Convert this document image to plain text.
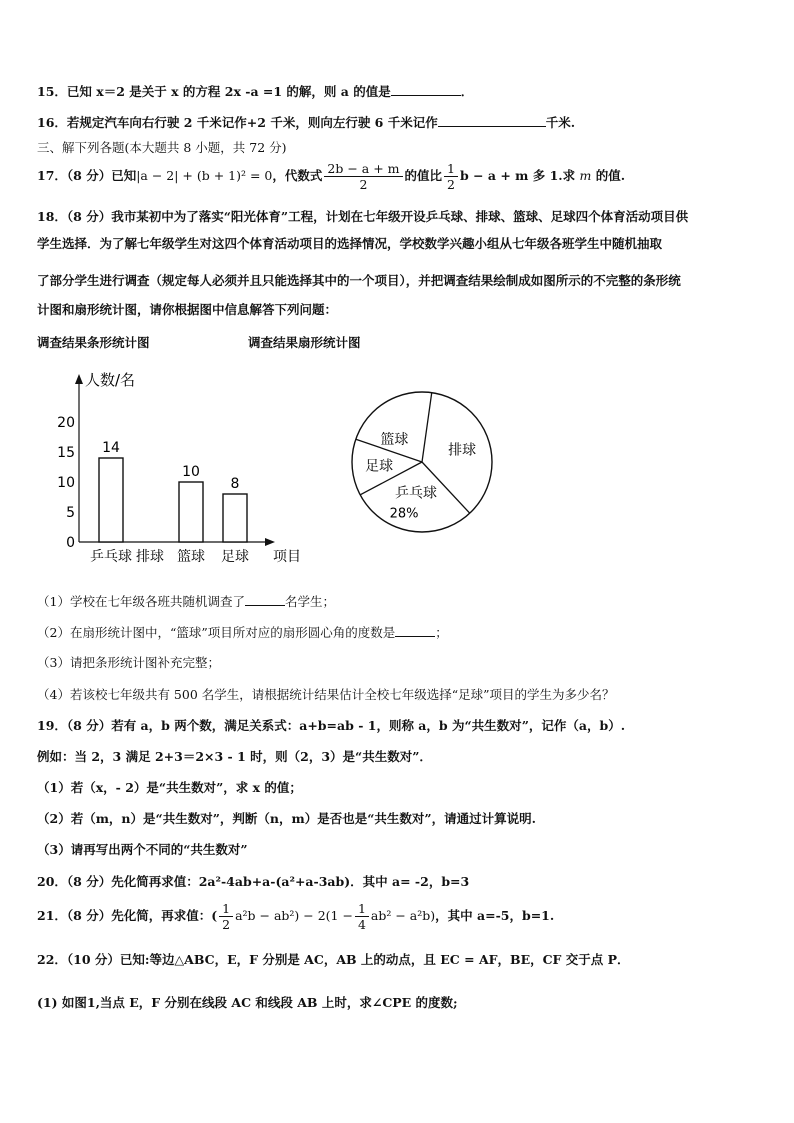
15．已知 x＝2 是关于 x 的方程 2x -a =1 的解，则 a 的值是	．
16．若规定汽车向右行驶 2 千米记作+2 千米，则向左行驶 6 千米记作	千米.
三、解下列各题(本大题共 8 小题，共 72 分)
17．（8 分）已知|a − 2| + (b + 1)² = 0，代数式 $\frac{2b - a + m}{2}$ 的值比 $\frac{1}{2}$ b − a + m 多 1.求 m 的值.
18．（8 分）我市某初中为了落实“阳光体育”工程，计划在七年级开设乒乓球、排球、篮球、足球四个体育活动项目供
学生选择．为了解七年级学生对这四个体育活动项目的选择情况，学校数学兴趣小组从七年级各班学生中随机抽取
了部分学生进行调查（规定每人必须并且只能选择其中的一个项目），并把调查结果绘制成如图所示的不完整的条形统
计图和扇形统计图，请你根据图中信息解答下列问题：
调查结果条形统计图	调查结果扇形统计图
人数/名
项目
0
5
10
15
20
14
乒乓球 排球
10
篮球
8
足球
篮球
排球
乒乓球
28%
足球
（1）学校在七年级各班共随机调查了	名学生；
（2）在扇形统计图中，“篮球”项目所对应的扇形圆心角的度数是	；
（3）请把条形统计图补充完整；
（4）若该校七年级共有 500 名学生，请根据统计结果估计全校七年级选择“足球”项目的学生为多少名？
19．（8 分）若有 a，b 两个数，满足关系式：a+b=ab - 1，则称 a，b 为“共生数对”，记作（a，b）.
例如：当 2，3 满足 2+3＝2×3 - 1 时，则（2，3）是“共生数对”．
（1）若（x，- 2）是“共生数对”，求 x 的值；
（2）若（m，n）是“共生数对”，判断（n，m）是否也是“共生数对”，请通过计算说明.
（3）请再写出两个不同的“共生数对”
20．（8 分）先化简再求值：2a²-4ab+a-(a²+a-3ab)．其中 a= -2，b=3
21．（8 分）先化简，再求值：( $\frac{1}{2} a^2b - ab^2) - 2(1 - \frac{1}{4} ab^2 - a^2b)$，其中 a=-5，b=1.
22．（10 分）已知:等边△ABC，E，F 分别是 AC，AB 上的动点，且 EC = AF，BE，CF 交于点 P．
(1) 如图1,当点 E，F 分别在线段 AC 和线段 AB 上时，求∠CPE 的度数;
